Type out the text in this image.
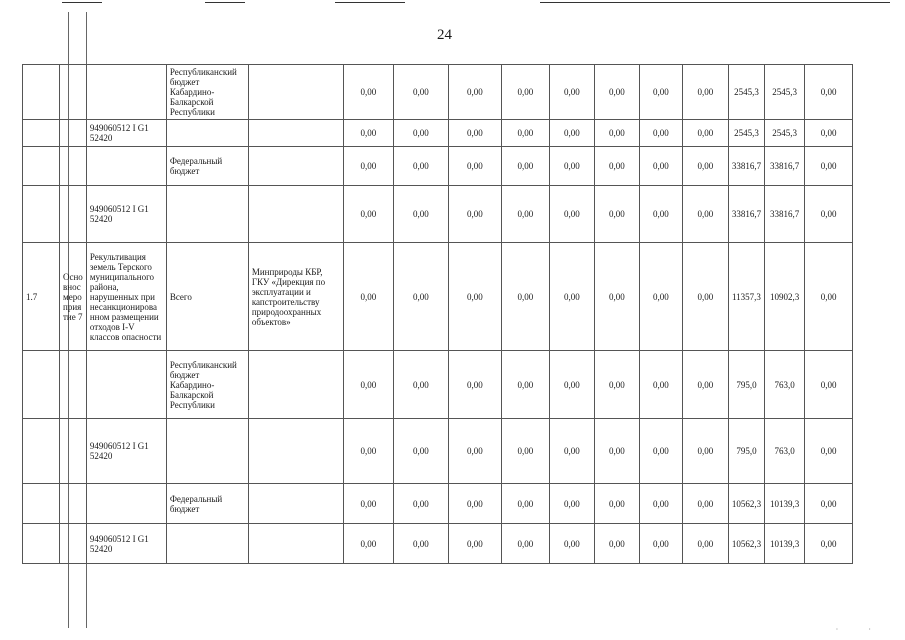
24
			Республиканский бюджет Кабардино-Балкарской Республики		0,00	0,00	0,00	0,00	0,00	0,00	0,00	0,00	2545,3	2545,3	0,00
		949060512 I G1 52420			0,00	0,00	0,00	0,00	0,00	0,00	0,00	0,00	2545,3	2545,3	0,00
			Федеральный бюджет		0,00	0,00	0,00	0,00	0,00	0,00	0,00	0,00	33816,7	33816,7	0,00
		949060512 I G1 52420			0,00	0,00	0,00	0,00	0,00	0,00	0,00	0,00	33816,7	33816,7	0,00
1.7	Осно внос меро прия тие 7	Рекультивация земель Терского муниципального района, нарушенных при несанкционирова нном размещении отходов I-V классов опасности	Всего	Минприроды КБР, ГКУ «Дирекция по эксплуатации и капстроительству природоохранных объектов»	0,00	0,00	0,00	0,00	0,00	0,00	0,00	0,00	11357,3	10902,3	0,00
			Республиканский бюджет Кабардино-Балкарской Республики		0,00	0,00	0,00	0,00	0,00	0,00	0,00	0,00	795,0	763,0	0,00
		949060512 I G1 52420			0,00	0,00	0,00	0,00	0,00	0,00	0,00	0,00	795,0	763,0	0,00
			Федеральный бюджет		0,00	0,00	0,00	0,00	0,00	0,00	0,00	0,00	10562,3	10139,3	0,00
		949060512 I G1 52420			0,00	0,00	0,00	0,00	0,00	0,00	0,00	0,00	10562,3	10139,3	0,00
· ·
